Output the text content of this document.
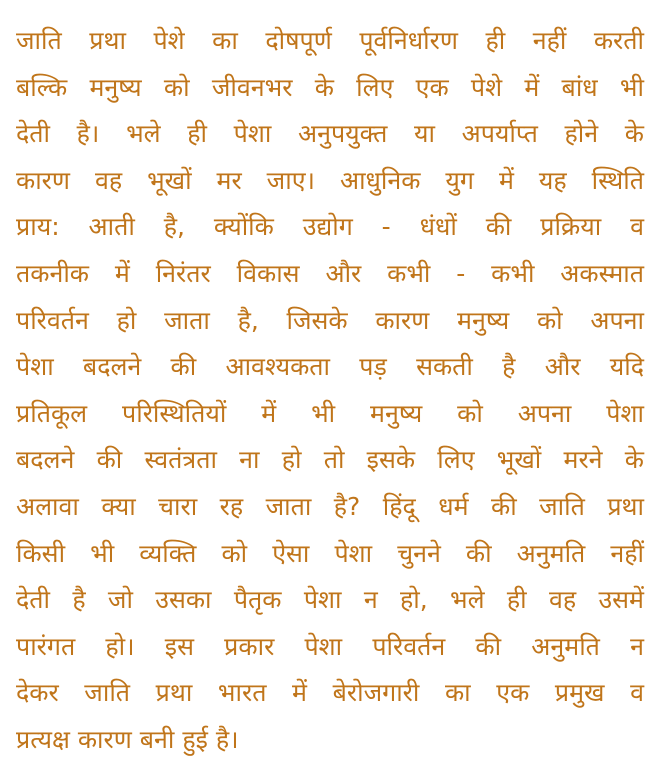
जाति प्रथा पेशे का दोषपूर्ण पूर्वनिर्धारण ही नहीं करती
बल्कि मनुष्य को जीवनभर के लिए एक पेशे में बांध भी
देती है। भले ही पेशा अनुपयुक्त या अपर्याप्त होने के
कारण वह भूखों मर जाए। आधुनिक युग में यह स्थिति
प्राय: आती है, क्योंकि उद्योग - धंधों की प्रक्रिया व
तकनीक में निरंतर विकास और कभी - कभी अकस्मात
परिवर्तन हो जाता है, जिसके कारण मनुष्य को अपना
पेशा बदलने की आवश्यकता पड़ सकती है और यदि
प्रतिकूल परिस्थितियों में भी मनुष्य को अपना पेशा
बदलने की स्वतंत्रता ना हो तो इसके लिए भूखों मरने के
अलावा क्या चारा रह जाता है? हिंदू धर्म की जाति प्रथा
किसी भी व्यक्ति को ऐसा पेशा चुनने की अनुमति नहीं
देती है जो उसका पैतृक पेशा न हो, भले ही वह उसमें
पारंगत हो। इस प्रकार पेशा परिवर्तन की अनुमति न
देकर जाति प्रथा भारत में बेरोजगारी का एक प्रमुख व
प्रत्यक्ष कारण बनी हुई है।
